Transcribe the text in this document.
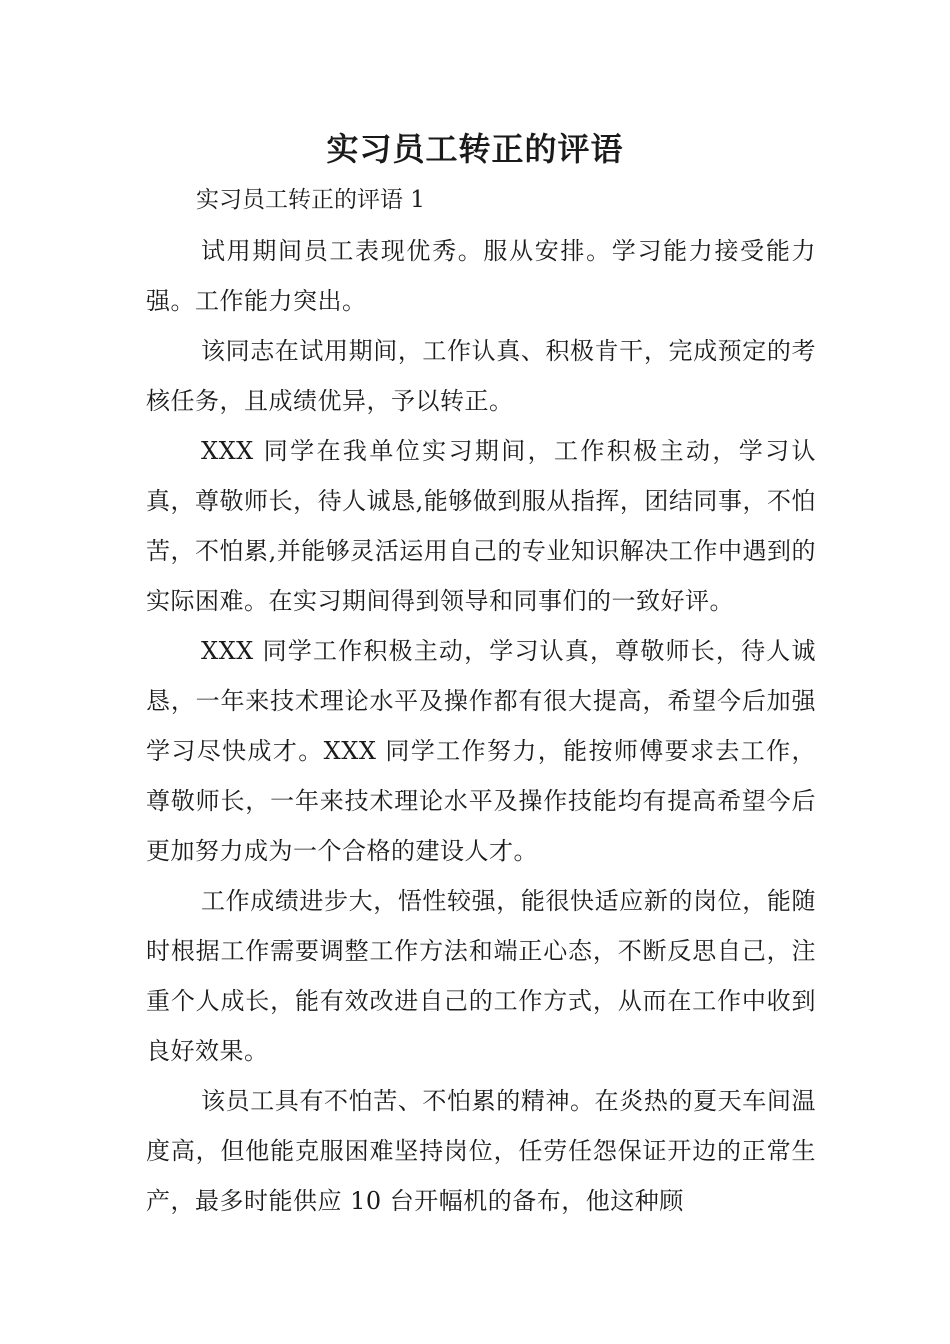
实习员工转正的评语

实习员工转正的评语 1

试用期间员工表现优秀。服从安排。学习能力接受能力强。工作能力突出。

该同志在试用期间，工作认真、积极肯干，完成预定的考核任务，且成绩优异，予以转正。

XXX 同学在我单位实习期间，工作积极主动，学习认真，尊敬师长，待人诚恳,能够做到服从指挥，团结同事，不怕苦，不怕累,并能够灵活运用自己的专业知识解决工作中遇到的实际困难。在实习期间得到领导和同事们的一致好评。

XXX 同学工作积极主动，学习认真，尊敬师长，待人诚恳，一年来技术理论水平及操作都有很大提高，希望今后加强学习尽快成才。XXX 同学工作努力，能按师傅要求去工作，尊敬师长，一年来技术理论水平及操作技能均有提高希望今后更加努力成为一个合格的建设人才。

工作成绩进步大，悟性较强，能很快适应新的岗位，能随时根据工作需要调整工作方法和端正心态，不断反思自己，注重个人成长，能有效改进自己的工作方式，从而在工作中收到良好效果。

该员工具有不怕苦、不怕累的精神。在炎热的夏天车间温度高，但他能克服困难坚持岗位，任劳任怨保证开边的正常生产，最多时能供应 10 台开幅机的备布，他这种顾
